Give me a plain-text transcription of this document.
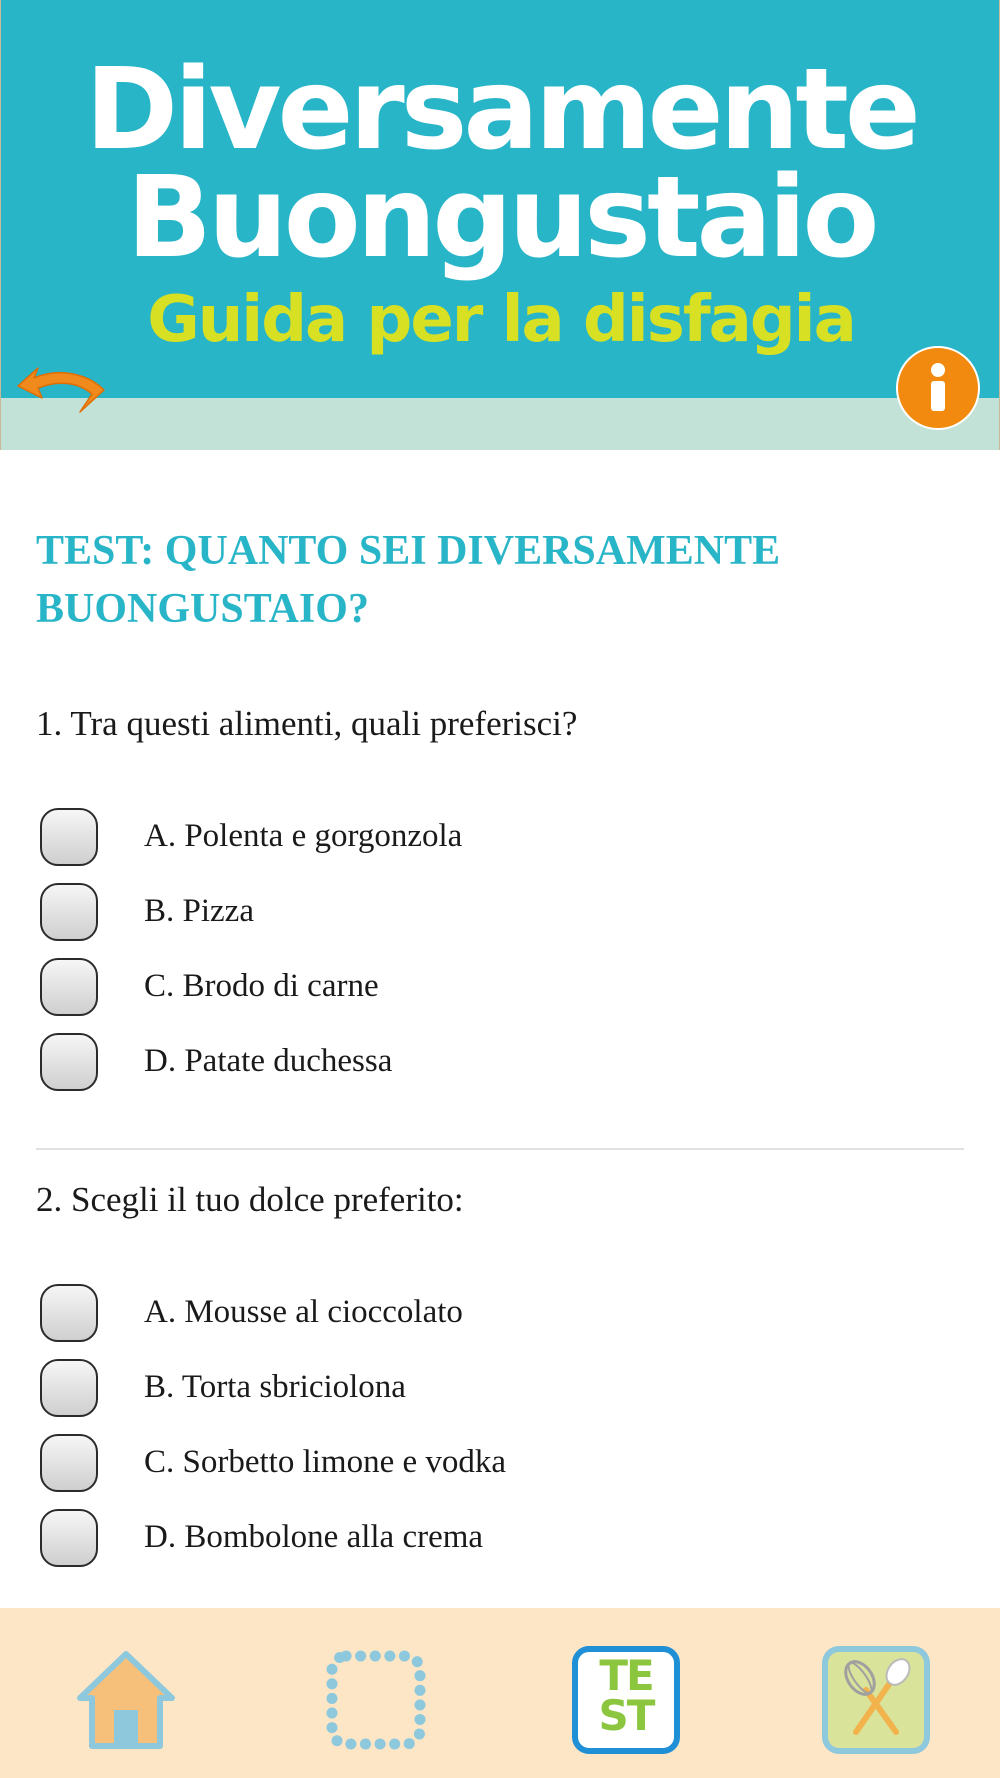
Diversamente
Buongustaio
Guida per la disfagia
TEST: QUANTO SEI DIVERSAMENTE
BUONGUSTAIO?
1. Tra questi alimenti, quali preferisci?
A. Polenta e gorgonzola
B. Pizza
C. Brodo di carne
D. Patate duchessa
2. Scegli il tuo dolce preferito:
A. Mousse al cioccolato
B. Torta sbriciolona
C. Sorbetto limone e vodka
D. Bombolone alla crema
TE
ST
